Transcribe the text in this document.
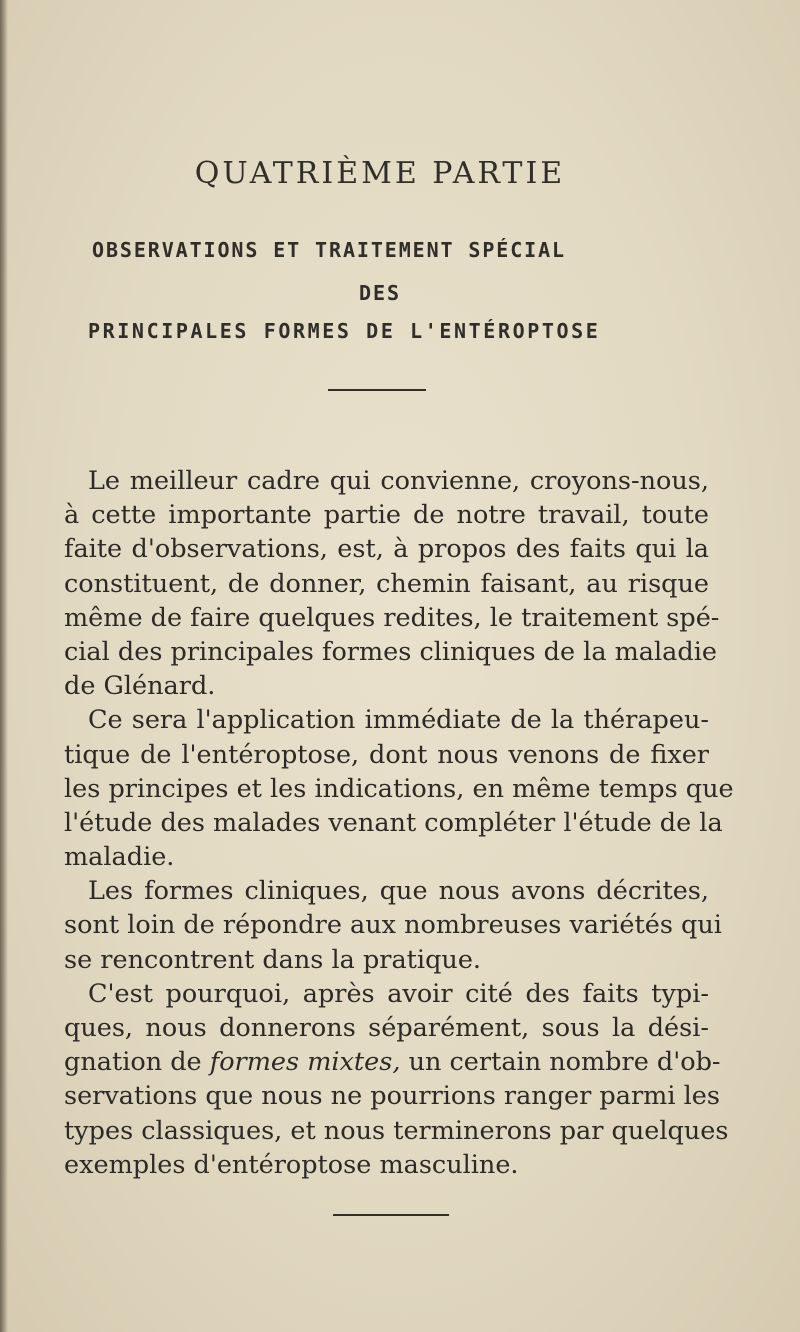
QUATRIÈME PARTIE
OBSERVATIONS ET TRAITEMENT SPÉCIAL
DES
PRINCIPALES FORMES DE L'ENTÉROPTOSE
Le meilleur cadre qui convienne, croyons-nous,
à cette importante partie de notre travail, toute
faite d'observations, est, à propos des faits qui la
constituent, de donner, chemin faisant, au risque
même de faire quelques redites, le traitement spé-
cial des principales formes cliniques de la maladie
de Glénard.
Ce sera l'application immédiate de la thérapeu-
tique de l'entéroptose, dont nous venons de fixer
les principes et les indications, en même temps que
l'étude des malades venant compléter l'étude de la
maladie.
Les formes cliniques, que nous avons décrites,
sont loin de répondre aux nombreuses variétés qui
se rencontrent dans la pratique.
C'est pourquoi, après avoir cité des faits typi-
ques, nous donnerons séparément, sous la dési-
gnation de formes mixtes, un certain nombre d'ob-
servations que nous ne pourrions ranger parmi les
types classiques, et nous terminerons par quelques
exemples d'entéroptose masculine.
